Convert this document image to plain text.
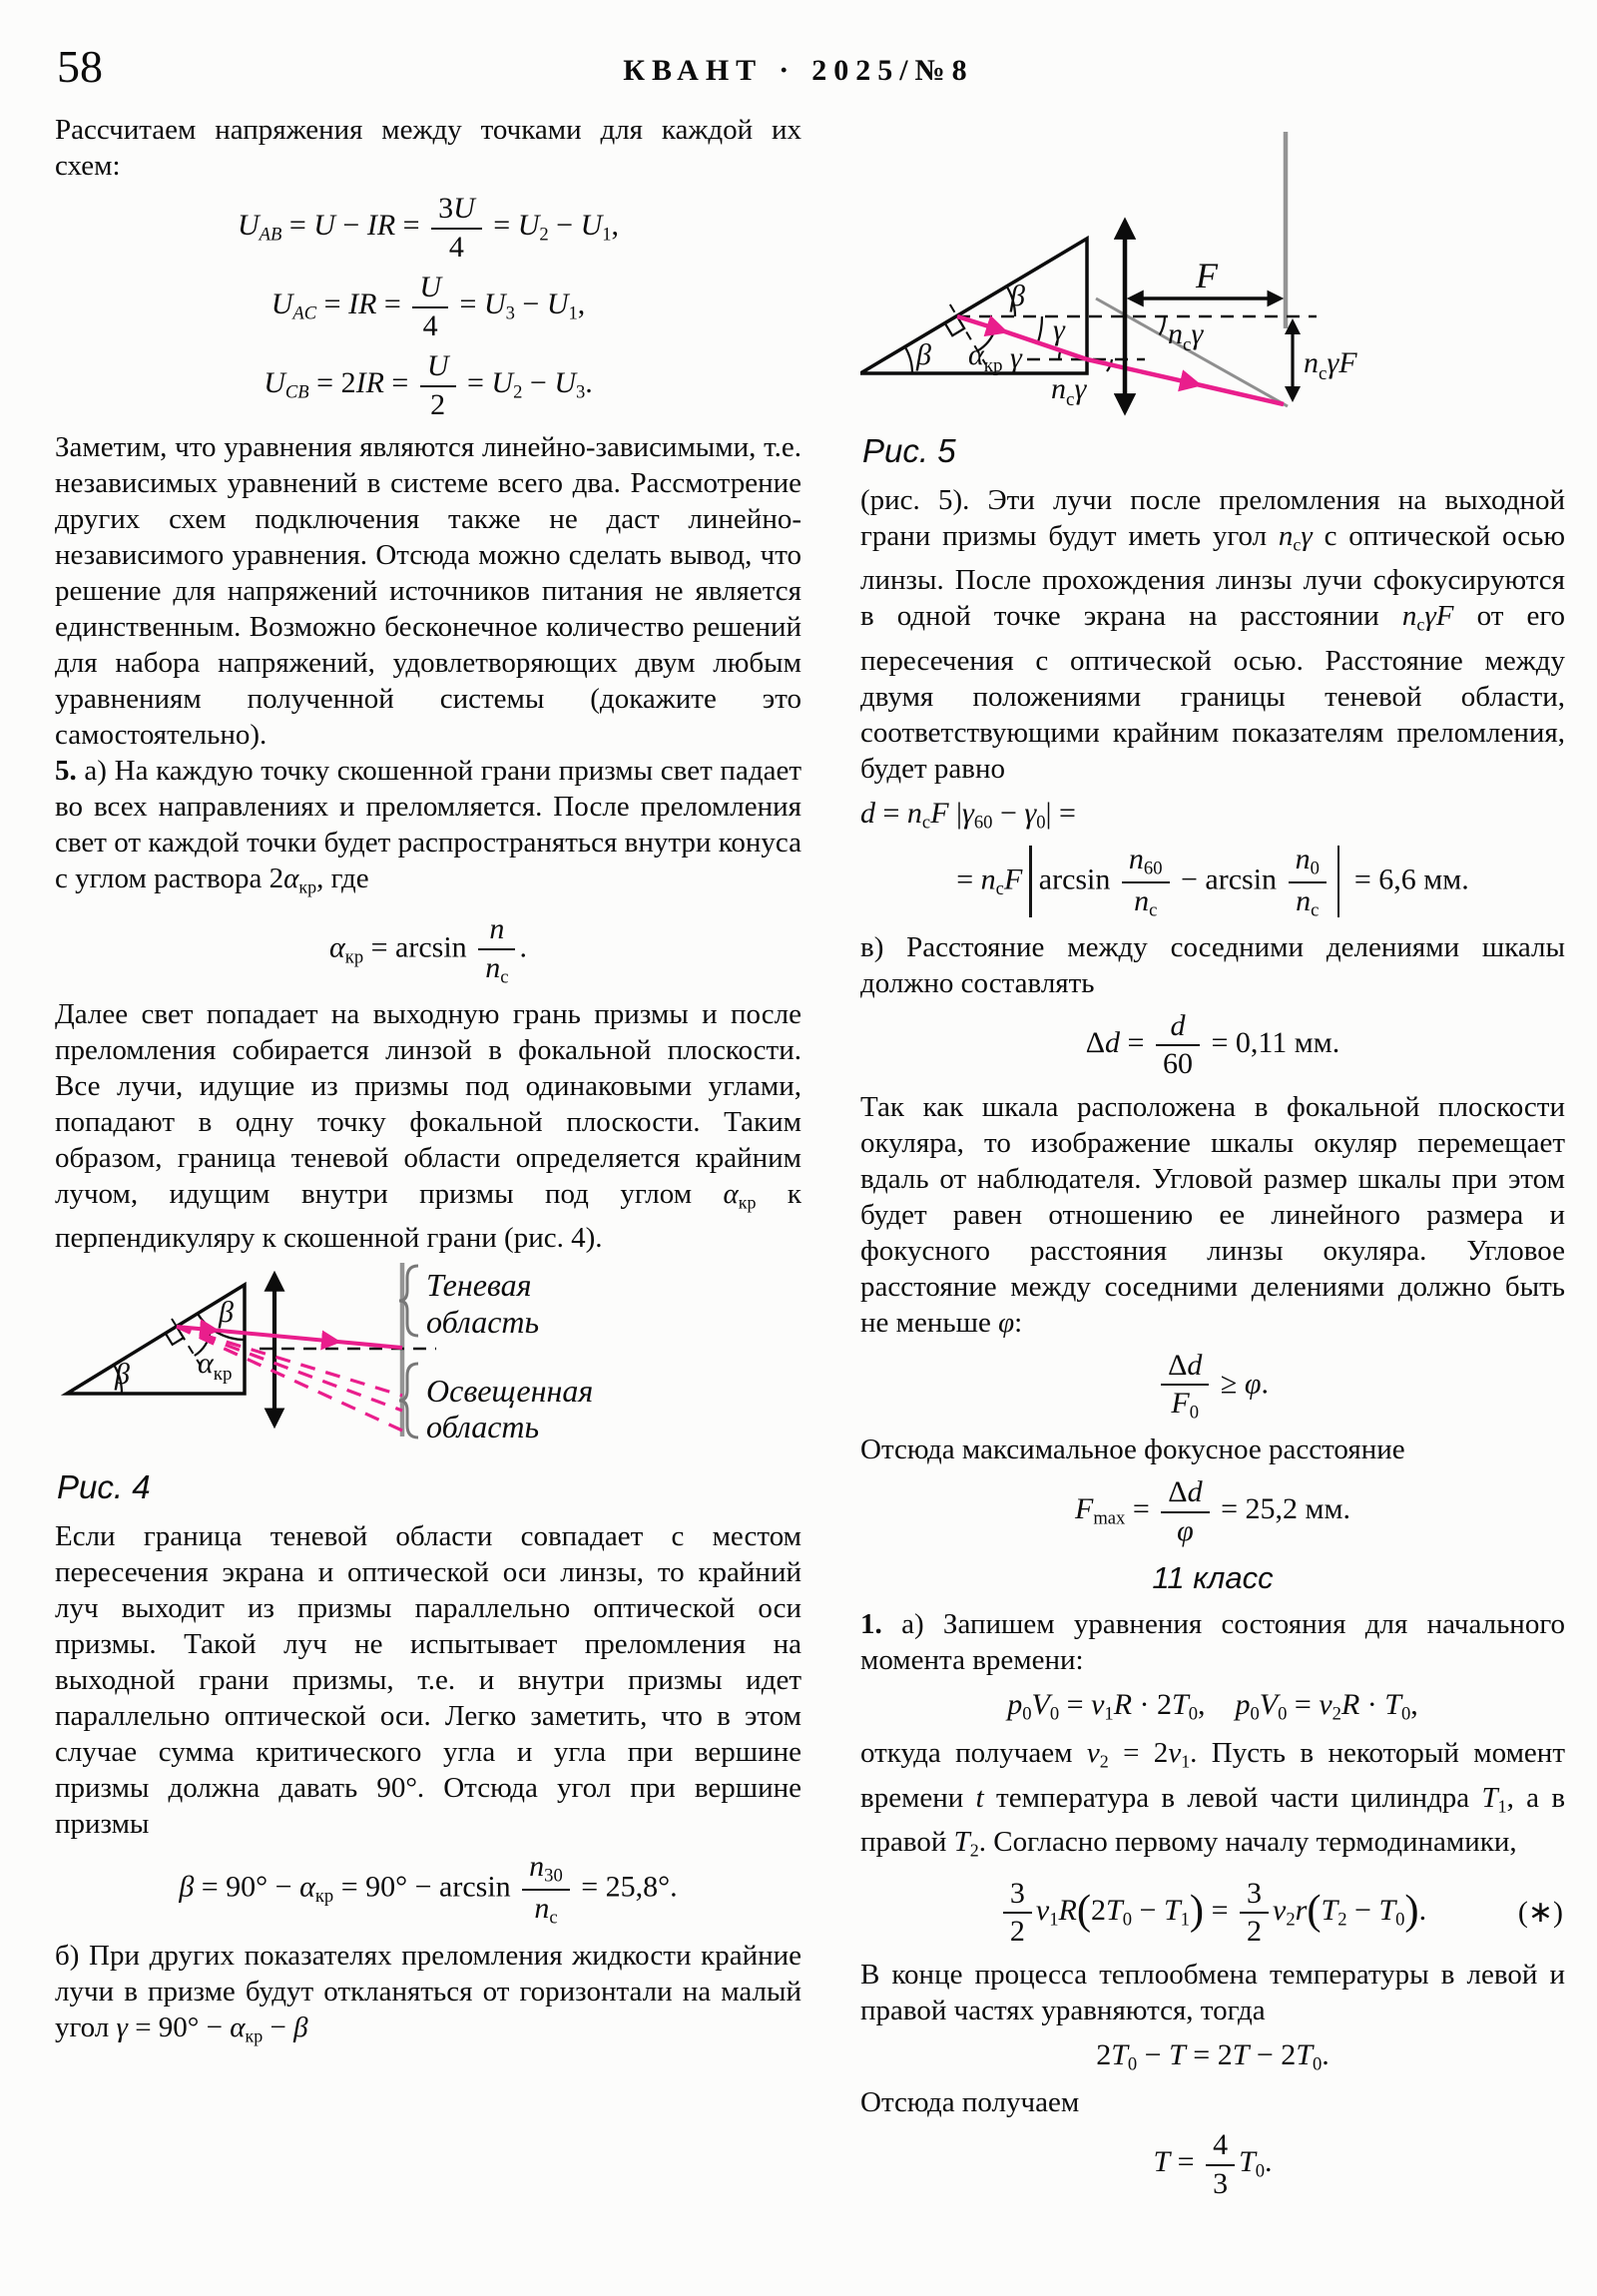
58	КВАНТ · 2025/№8

Рассчитаем напряжения между точками для каждой их схем:

UAB = U − IR = $\frac{3U}{4} = U2 - U1$,
UAC = IR = $\frac{U}{4} = U3 - U1$,
UCB = $2IR = \frac{U}{2} = U2 - U3$.

Заметим, что уравнения являются линейно-зависимыми, т.е. независимых уравнений в системе всего два. Рассмотрение других схем подключения также не даст линейно-независимого уравнения. Отсюда можно сделать вывод, что решение для напряжений источников питания не является единственным. Возможно бесконечное количество решений для набора напряжений, удовлетворяющих двум любым уравнениям полученной системы (докажите это самостоятельно).

5. а) На каждую точку скошенной грани призмы свет падает во всех направлениях и преломляется. После преломления свет от каждой точки будет распространяться внутри конуса с углом раствора 2αкр, где

$\alpha кр = \arcsin \frac{n}{nс}$ .

Далее свет попадает на выходную грань призмы и после преломления собирается линзой в фокальной плоскости. Все лучи, идущие из призмы под одинаковыми углами, попадают в одну точку фокальной плоскости. Таким образом, граница теневой области определяется крайним лучом, идущим внутри призмы под углом αкр к перпендикуляру к скошенной грани (рис. 4).

β
β
$\alpha_{кр}$
Теневая
область
Освещенная
область
Рис. 4

Если граница теневой области совпадает с местом пересечения экрана и оптической оси линзы, то крайний луч выходит из призмы параллельно оптической оси призмы. Такой луч не испытывает преломления на выходной грани призмы, т.е. и внутри призмы идет параллельно оптической оси. Легко заметить, что в этом случае сумма критического угла и угла при вершине призмы должна давать 90°. Отсюда угол при вершине призмы

$\beta = 90^\circ - \alpha кр = 90^\circ - \arcsin \frac{n30}{nс} = 25,8^\circ$.

б) При других показателях преломления жидкости крайние лучи в призме будут откланяться от горизонтали на малый угол γ = 90° − αкр − β

β
β
$\alpha_{кр}$
γ
γ
$n_с\gamma$
$n_с\gamma$
F
$n_с\gamma F$
Рис. 5

(рис. 5). Эти лучи после преломления на выходной грани призмы будут иметь угол nсγ с оптической осью линзы. После прохождения линзы лучи сфокусируются в одной точке экрана на расстоянии nсγF от его пересечения с оптической осью. Расстояние между двумя положениями границы теневой области, соответствующими крайним показателям преломления, будет равно

d = nсF |γ60 − γ0| =
= nсF $\arcsin \frac{n60}{nс} - \arcsin \frac{n0}{nс} = 6,6$ мм.

в) Расстояние между соседними делениями шкалы должно составлять

$\Delta d = \frac{d}{60} = 0,11$ мм.

Так как шкала расположена в фокальной плоскости окуляра, то изображение шкалы окуляр перемещает вдаль от наблюдателя. Угловой размер шкалы при этом будет равен отношению ее линейного размера и фокусного расстояния линзы окуляра. Угловое расстояние между соседними делениями должно быть не меньше φ:

$\frac{\Delta d}{F0} \ge \varphi$.

Отсюда максимальное фокусное расстояние

$Fmax = \frac{\Delta d}{\varphi} = 25,2$ мм.
11 класс

1. а) Запишем уравнения состояния для начального момента времени:

p0V0 = ν1R · 2T0, p0V0 = ν2R · T0,

откуда получаем ν2 = 2ν1. Пусть в некоторый момент времени t температура в левой части цилиндра T1, а в правой T2. Согласно первому началу термодинамики,

(∗)
$\frac{3}{2} \nu 1R(2T0 - T1) = \frac{3}{2} \nu 2r(T2 - T0)$.

В конце процесса теплообмена температуры в левой и правой частях уравняются, тогда

2T0 − T = 2T − 2T0.

Отсюда получаем

$T = \frac{4}{3} T0$.
